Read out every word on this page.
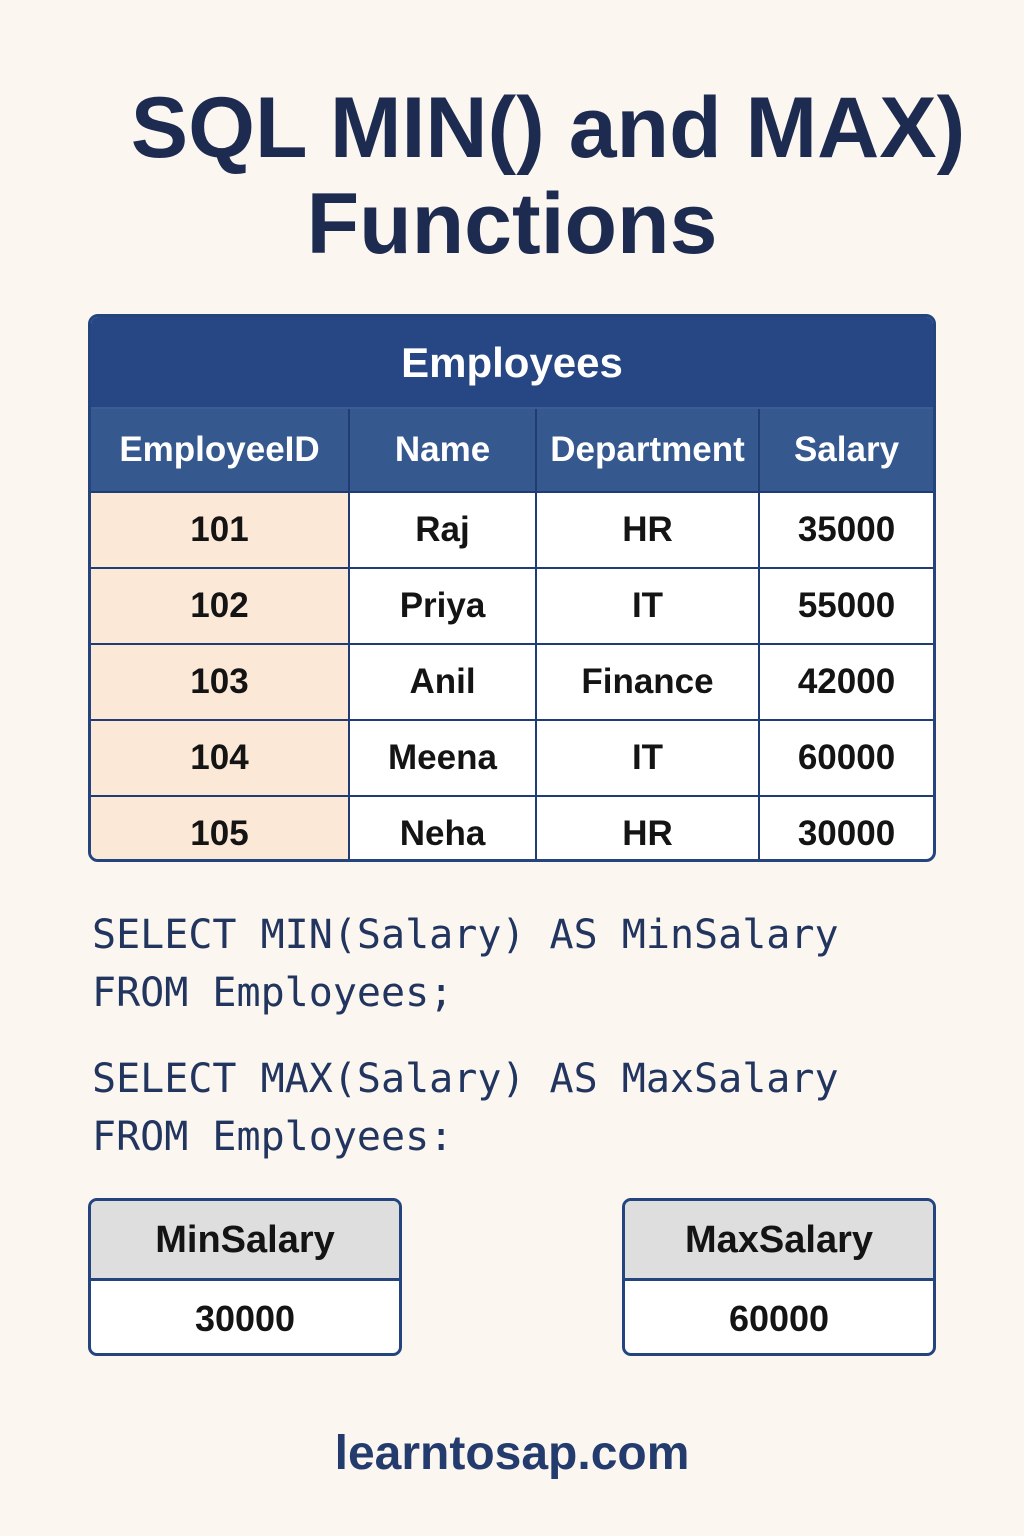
SQL MIN() and MAX)
Functions
Employees
EmployeeID	Name	Department	Salary
101	Raj	HR	35000
102	Priya	IT	55000
103	Anil	Finance	42000
104	Meena	IT	60000
105	Neha	HR	30000
SELECT MIN(Salary) AS MinSalary
FROM Employees;
SELECT MAX(Salary) AS MaxSalary
FROM Employees:
MinSalary
30000
MaxSalary
60000
learntosap.com
